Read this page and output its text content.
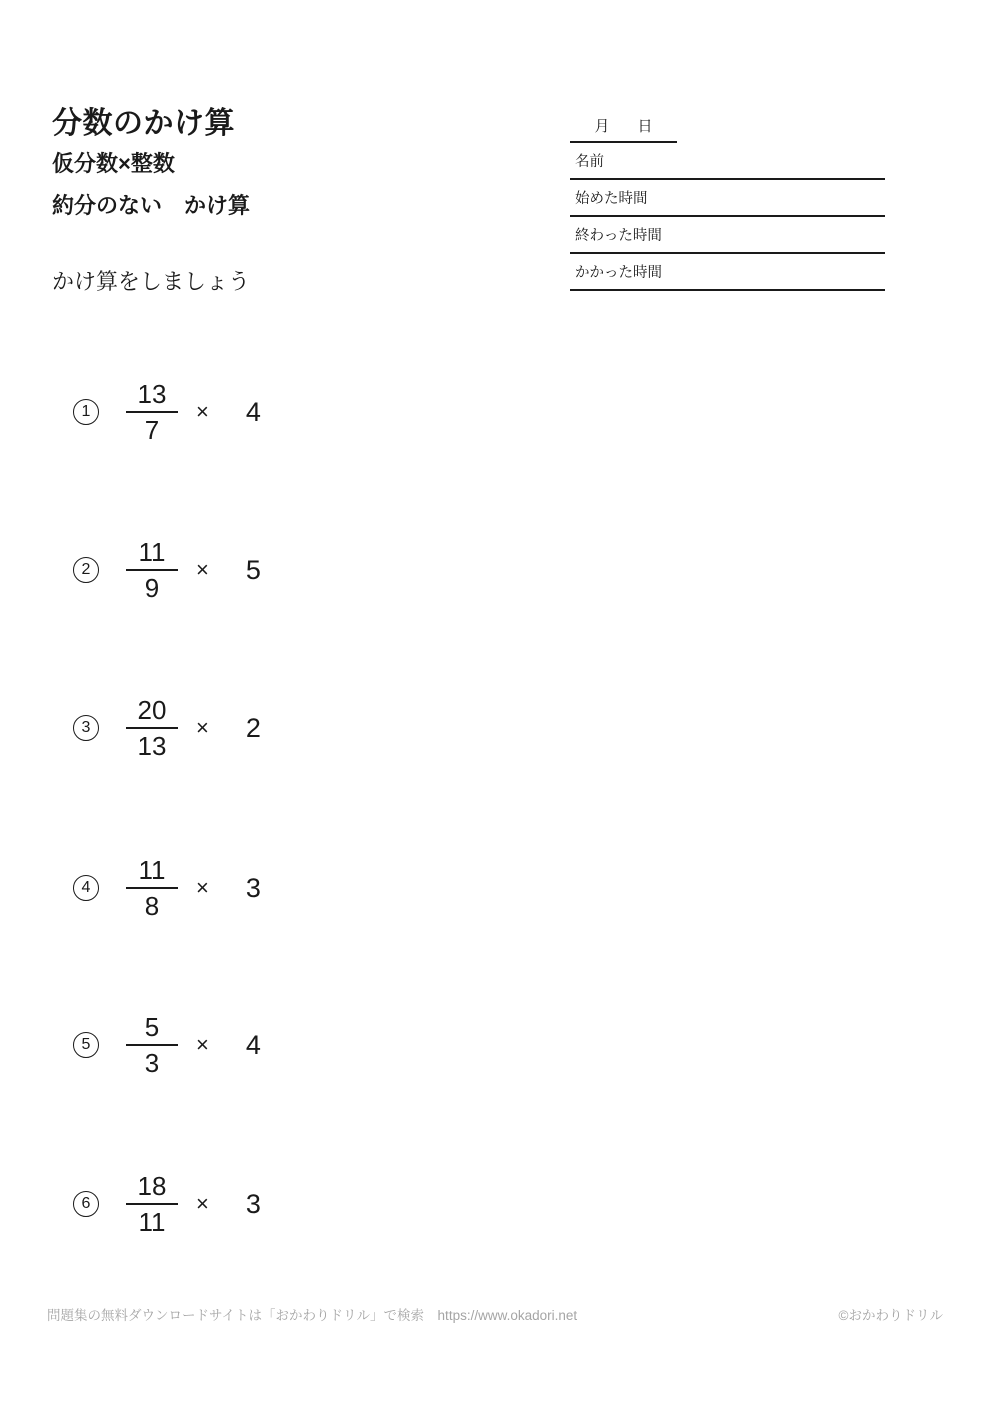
分数のかけ算
仮分数×整数
約分のない　かけ算
かけ算をしましょう
月 日
名前
始めた時間
終わった時間
かかった時間
$1 \frac{13}{7} \times 4$
$2 \frac{11}{9} \times 5$
$3 \frac{20}{13} \times 2$
$4 \frac{11}{8} \times 3$
$5 \frac{5}{3} \times 4$
$6 \frac{18}{11} \times 3$
問題集の無料ダウンロードサイトは「おかわりドリル」で検索　https://www.okadori.net	©おかわりドリル
